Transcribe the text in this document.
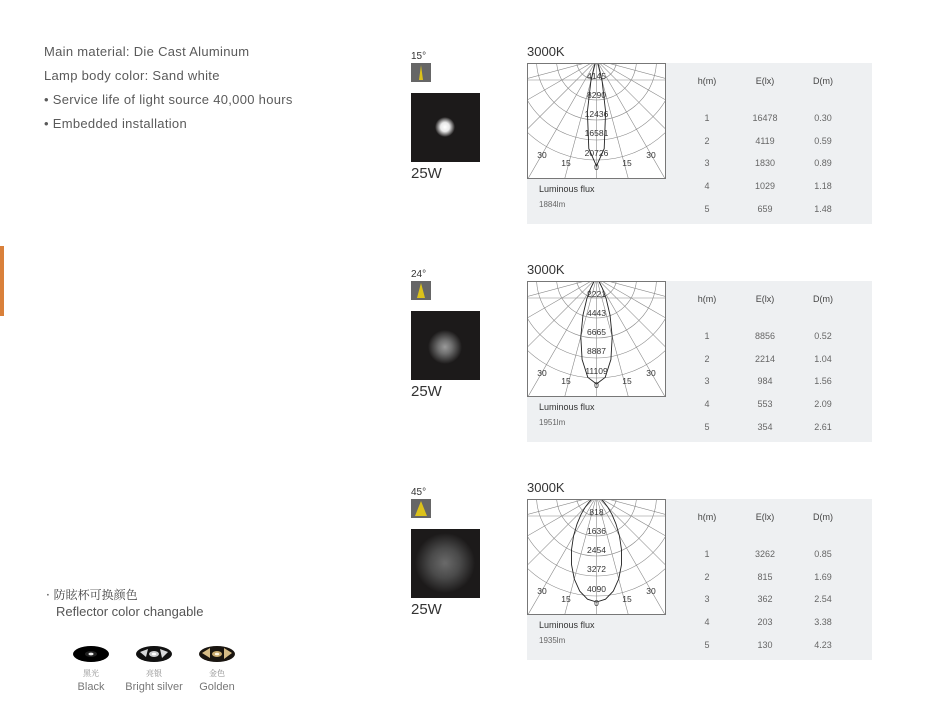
Main material: Die Cast Aluminum
Lamp body color: Sand white
• Service life of light source 40,000 hours
• Embedded installation
· 防眩杯可换颜色
Reflector color changable
黑光
Black
亮银
Bright silver
金色
Golden
15°
25W
3000K
4145
8290
12436
16581
20726
30
15	0	15
30
Luminous flux
1884lm
h(m)	E(lx)	D(m)
1	16478	0.30
2	4119	0.59
3	1830	0.89
4	1029	1.18
5	659	1.48
24°
25W
3000K
2221
4443
6665
8887
11109
30
15	0	15
30
Luminous flux
1951lm
h(m)	E(lx)	D(m)
1	8856	0.52
2	2214	1.04
3	984	1.56
4	553	2.09
5	354	2.61
45°
25W
3000K
818
1636
2454
3272
4090
30
15	0	15
30
Luminous flux
1935lm
h(m)	E(lx)	D(m)
1	3262	0.85
2	815	1.69
3	362	2.54
4	203	3.38
5	130	4.23
